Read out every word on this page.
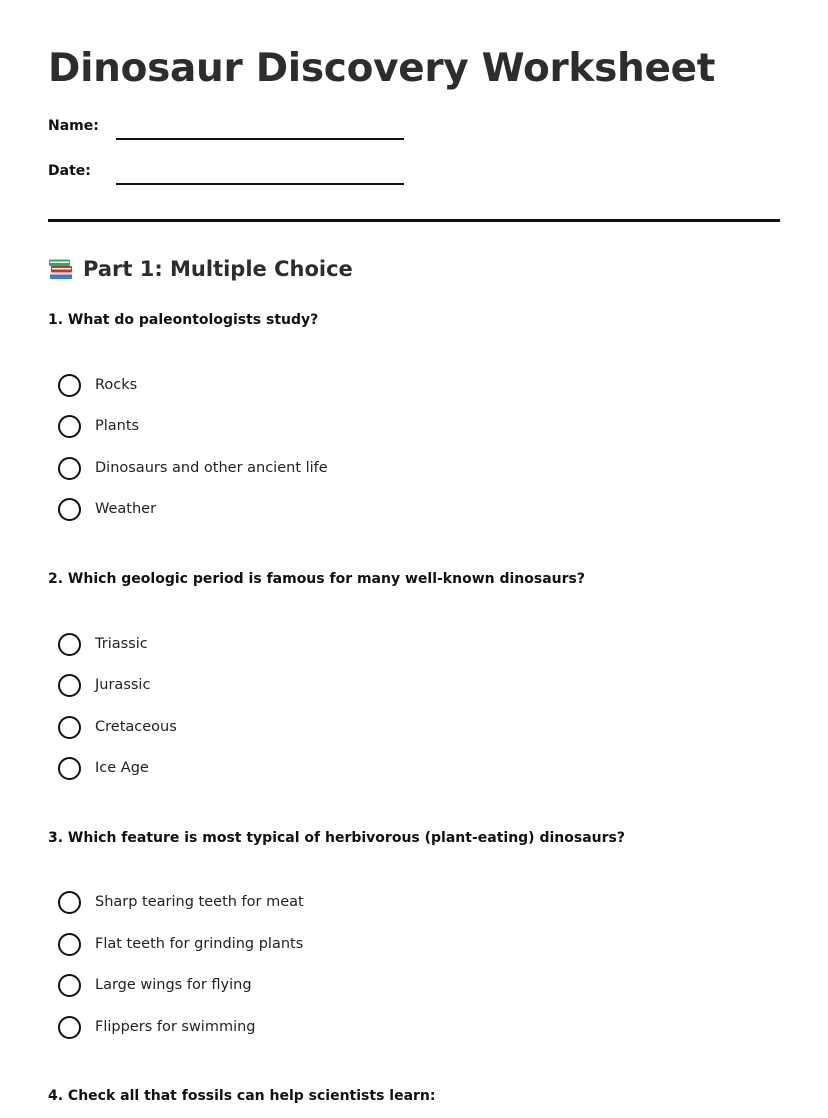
Dinosaur Discovery Worksheet
Name:
Date:
Part 1: Multiple Choice

1. What do paleontologists study?

Rocks
Plants
Dinosaurs and other ancient life
Weather

2. Which geologic period is famous for many well-known dinosaurs?

Triassic
Jurassic
Cretaceous
Ice Age

3. Which feature is most typical of herbivorous (plant-eating) dinosaurs?

Sharp tearing teeth for meat
Flat teeth for grinding plants
Large wings for flying
Flippers for swimming

4. Check all that fossils can help scientists learn:
